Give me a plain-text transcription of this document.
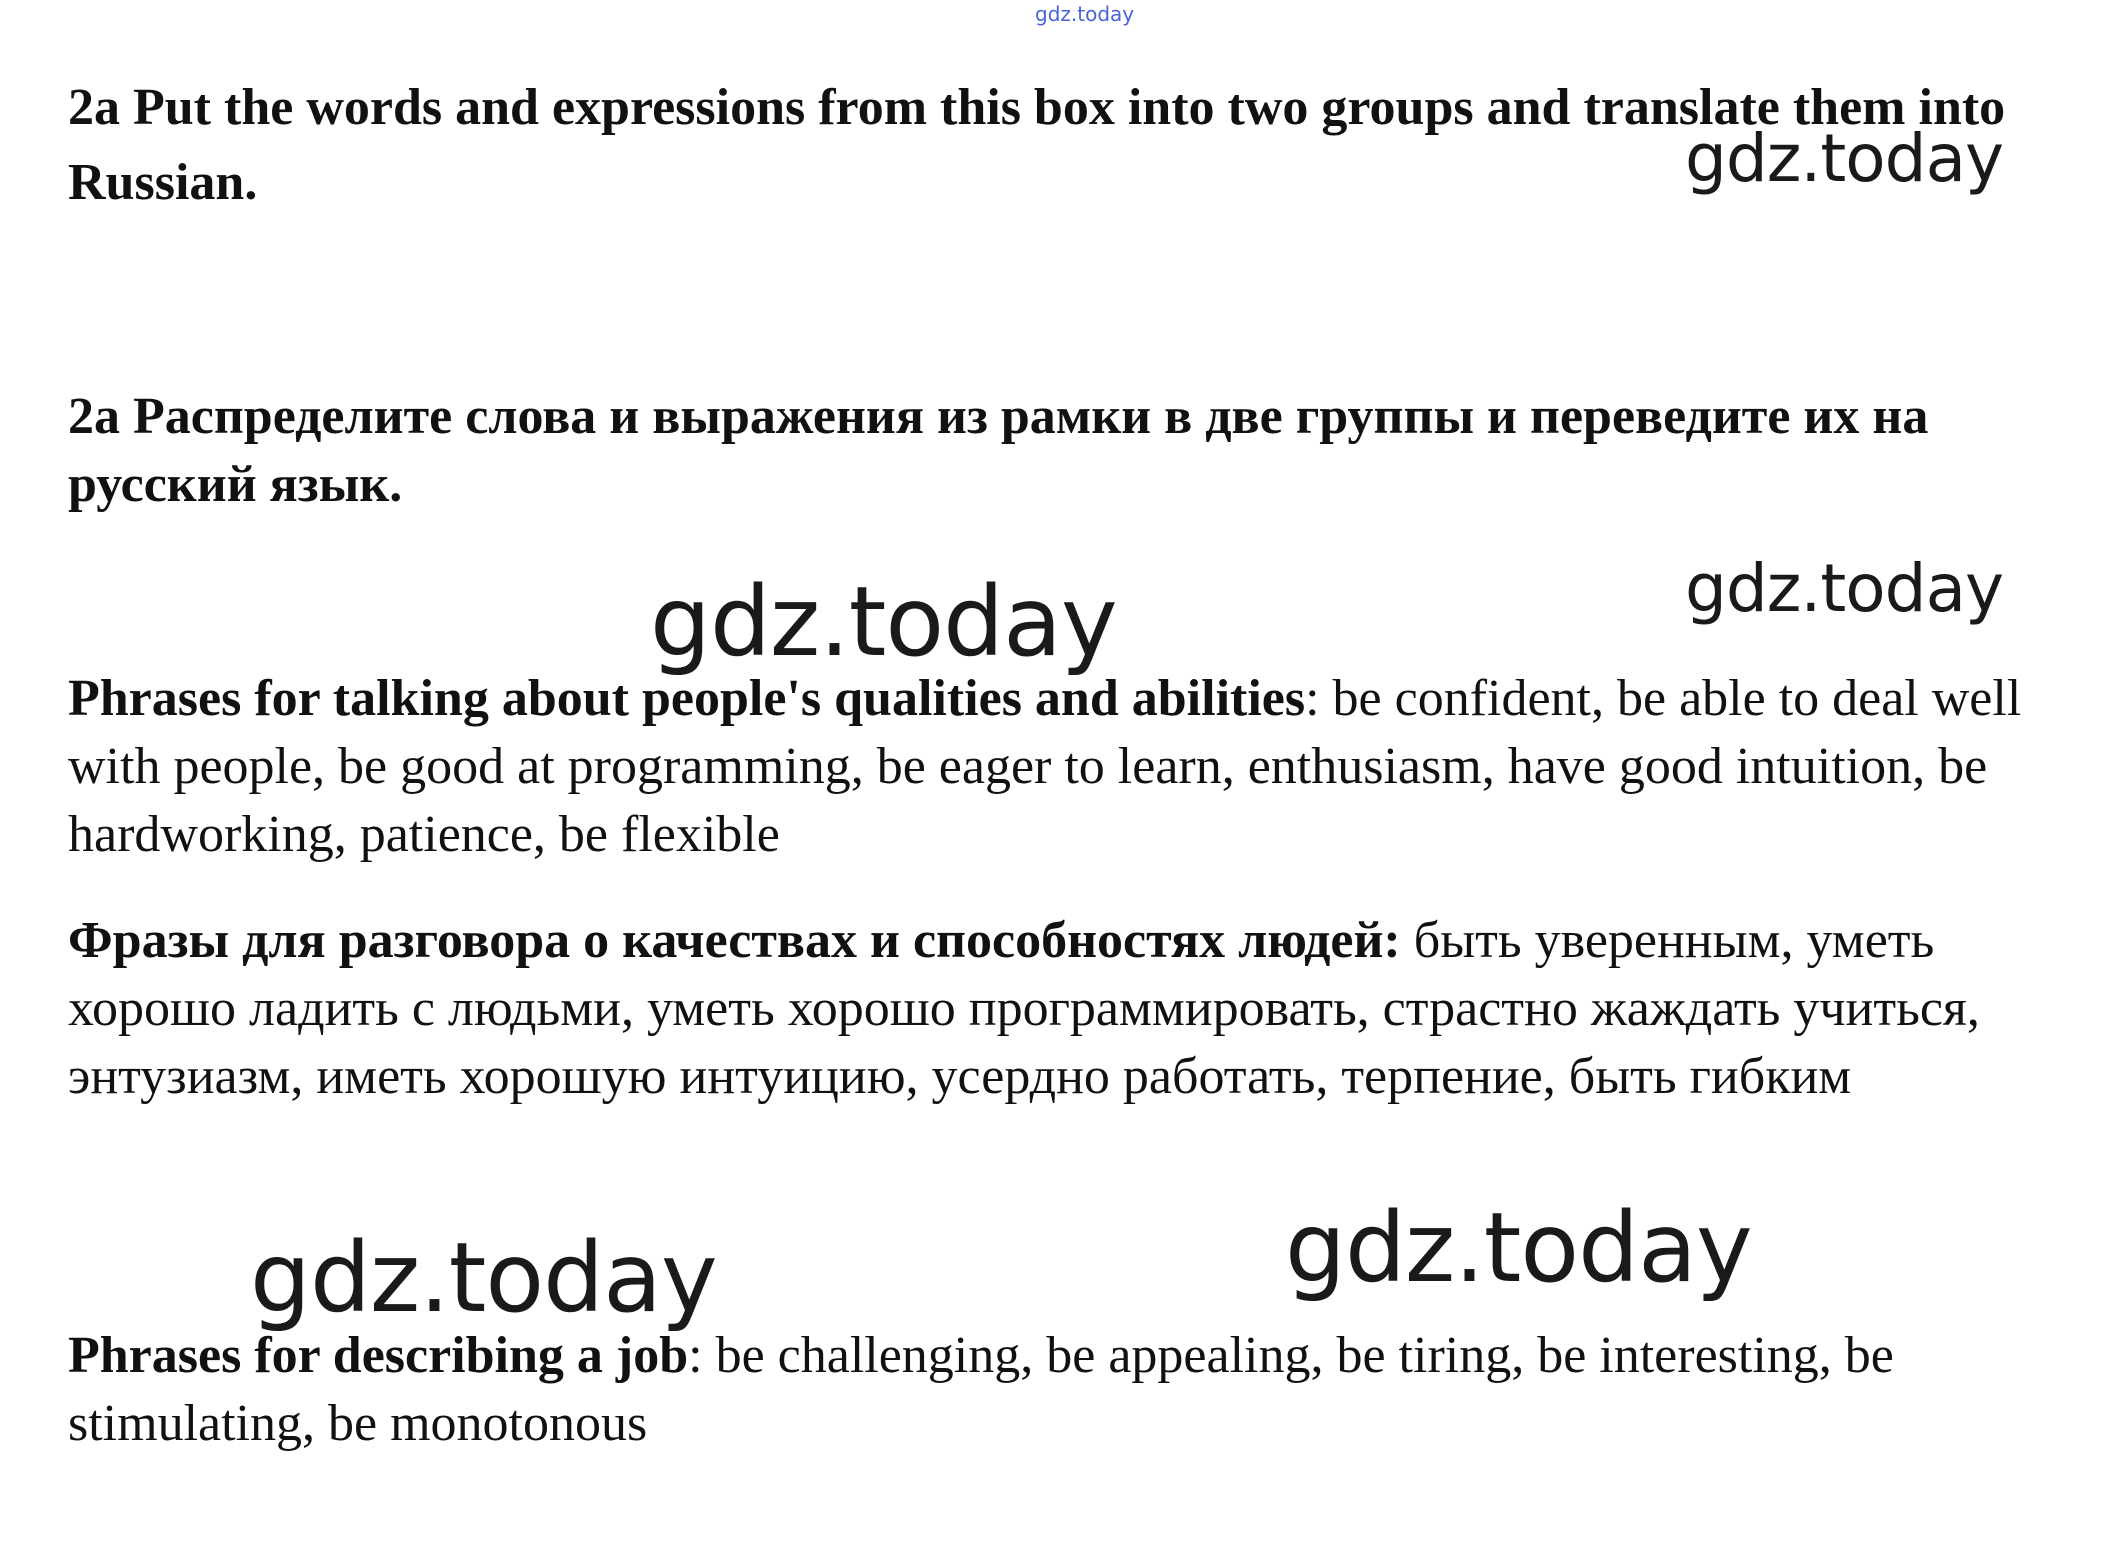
gdz.today
2a Put the words and expressions from this box into two groups and translate them into Russian.
2a Распределите слова и выражения из рамки в две группы и переведите их на русский язык.
Phrases for talking about people's qualities and abilities: be confident, be able to deal well with people, be good at programming, be eager to learn, enthusiasm, have good intuition, be hardworking, patience, be flexible
Фразы для разговора о качествах и способностях людей: быть уверенным, уметь хорошо ладить с людьми, уметь хорошо программировать, страстно жаждать учиться, энтузиазм, иметь хорошую интуицию, усердно работать, терпение, быть гибким
Phrases for describing a job: be challenging, be appealing, be tiring, be interesting, be stimulating, be monotonous
gdz.today
gdz.today
gdz.today
gdz.today	gdz.today
